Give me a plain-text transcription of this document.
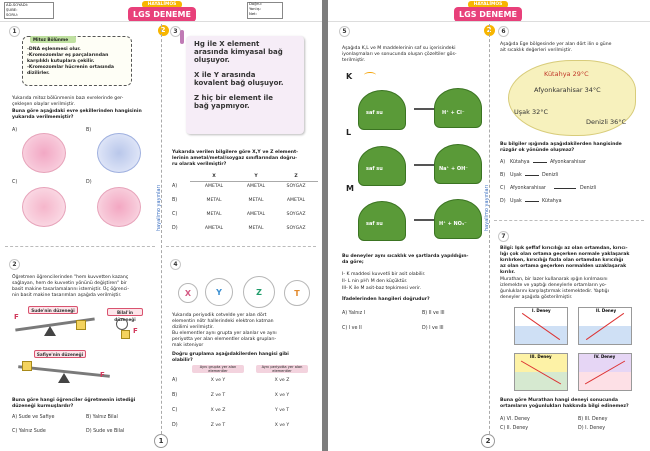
AD-SOYADI:
ŞUBE:
SORU:
HAYALİMOS
LGS DENEME2
Doğru:
Yanlış:
Net:
hayalimo yayınları
1
Mitoz Bölünme
-DNA eşlenmesi olur.
-Kromozomlar eş parçalarından
karşılıklı kutuplara çekilir.
-Kromozomlar hücrenin ortasında
dizilirler.
Yukarıda mitoz bölünmenin bazı evrelerinde ger-
çekleşen olaylar verilmiştir.
Buna göre aşağıdaki evre şekillerinden hangisinin
yukarıda verilmemiştir?
A)	B)
C)	D)
2
Öğretmen öğrencilerinden "hem kuvvetten kazanç
sağlayan, hem de kuvvetin yönünü değiştiren" bir
basit makine tasarlamalarını istemiştir. Üç öğrenci-
nin basit makine tasarımları aşağıda verilmiştir.
Sude'nin düzeneği	Bilal'in düzeneği
Safiye'nin düzeneği
F
F
F
Buna göre hangi öğrenciler öğretmenin istediği
düzeneği kurmuşlardır?
A) Sude ve Safiye	B) Yalnız Bilal
C) Yalnız Sude	D) Sude ve Bilal
3
Hg ile X element
arasında kimyasal bağ
oluşuyor.
X ile Y arasında
kovalent bağ oluşuyor.
Z hiç bir element ile
bağ yapmıyor.
Yukarıda verilen bilgilere göre X,Y ve Z element-
lerinin ametal/metal/soygaz sınıflarından doğru-
ru olarak verilmiştir?
X	Y	Z
A)	AMETAL	AMETAL	SOYGAZ
B)	METAL	METAL	AMETAL
C)	METAL	AMETAL	SOYGAZ
D)	AMETAL	METAL	SOYGAZ
4
X	Y	Z	T
Yukarıda periyodik cetvelde yer alan dört
elementin nötr hallerindeki elektron katman
dizilimi verilmiştir.
Bu elementler aynı grupta yer alanlar ve aynı
periyotta yer alan elementler olarak grupları-
mak isteniyor
Doğru gruplama aşağıdakilerden hangisi gibi
olabilir?
Aynı grupta yer alan elementler
Aynı periyotta yer alan elementler
A)	X ve Y	X ve Z
B)	Z ve T	X ve Y
C)	X ve Z	Y ve T
D)	Z ve T	X ve Y
1
HAYALİMOS
LGS DENEME2
hayalimo yayınları
5
Aşağıda K,L ve M maddelerinin saf su içerisindeki
iyonlaşmaları ve sonucunda oluşan çözeltiler gös-
terilmiştir.
K
saf su	H⁺ + Cl⁻
L
saf su	Na⁺ + OH⁻
M
saf su	H⁺ + NO₃⁻
Bu deneyler aynı sıcaklık ve şartlarda yapıldığın-
da göre;
I- K maddesi kuvvetli bir asit olabilir.
II- L nin pH'ı M den küçüktür.
III- K ile M asit-baz tepkimesi verir.
İfadelerinden hangileri doğrudur?
A) Yalnız I	B) II ve III
C) I ve II	D) I ve III
6
Aşağıda Ege bölgesinde yer alan dört ilin o güne
ait sıcaklık değerleri verilmiştir.
Kütahya 29°C
Afyonkarahisar 34°C
Uşak 32°C
Denizli 36°C
Bu bilgiler ışığında aşağıdakilerden hangisinde
rüzgâr ok yönünde oluşmaz?
A) Kütahya	Afyonkarahisar
B) Uşak	Denizli
C) Afyonkarahisar	Denizli
D) Uşak	Kütahya
7
Bilgi: Işık şeffaf kırıcılığı az olan ortamdan, kırıcı-
lığı çok olan ortama geçerken normale yaklaşarak
kırılırken, kırıcılığı fazla olan ortamdan kırıcılığı
az olan ortama geçerken normalden uzaklaşarak
kırılır.
Murathan, bir lazer kullanarak ışığın kırılmasını
izlemekte ve yaptığı deneylerle ortamların yo-
ğunluklarını karşılaştırmak istemektedir. Yaptığı
deneyler aşağıda gösterilmiştir.
I. Deney	II. Deney
III. Deney	IV. Deney
Buna göre Murathan hangi deneyi sonucunda
ortamların yoğunlukları hakkında bilgi edinemez?
A) VI. Deney	B) III. Deney
C) II. Deney	D) I. Deney
2
